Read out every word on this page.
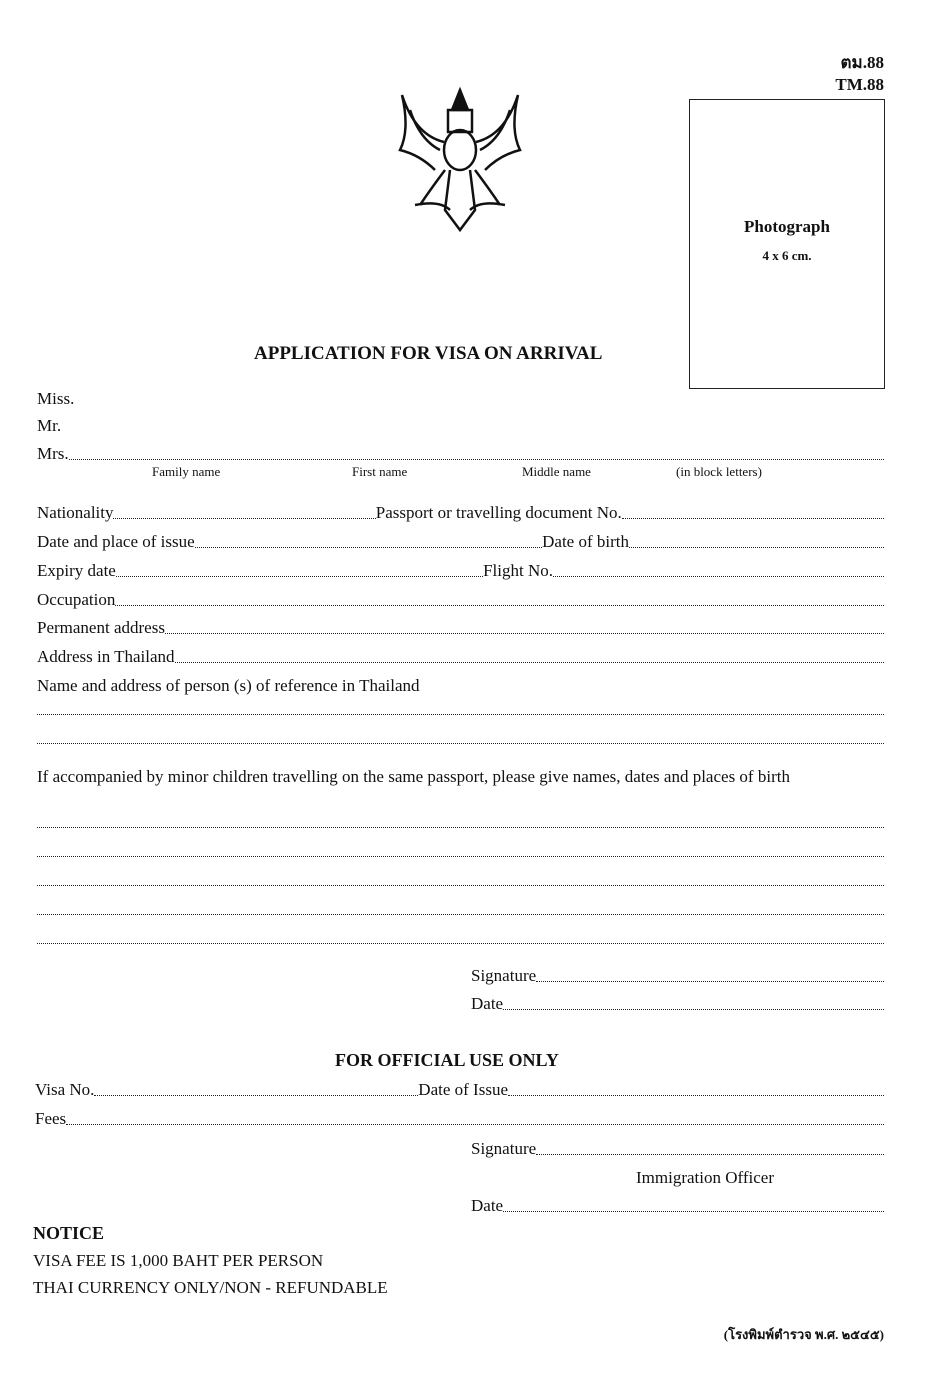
ตม.88
TM.88
Photograph
4 x 6 cm.
APPLICATION FOR VISA ON ARRIVAL
Miss.
Mr.
Mrs.
Family name	First name	Middle name	(in block letters)
Nationality	Passport or travelling document No.
Date and place of issue	Date of birth
Expiry date	Flight No.
Occupation
Permanent address
Address in Thailand
Name and address of person (s) of reference in Thailand
If accompanied by minor children travelling on the same passport, please give names, dates and places of birth
Signature
Date
FOR OFFICIAL USE ONLY
Visa No.	Date of Issue
Fees
Signature
Immigration Officer
Date
NOTICE
VISA FEE IS 1,000 BAHT PER PERSON
THAI CURRENCY ONLY/NON - REFUNDABLE
(โรงพิมพ์ตำรวจ พ.ศ. ๒๕๔๕)
